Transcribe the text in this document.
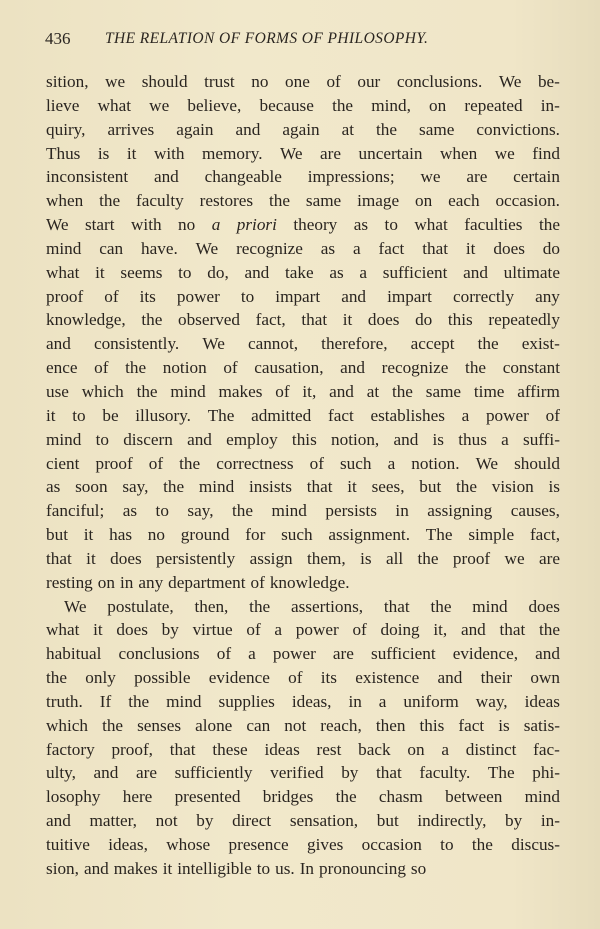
436 THE RELATION OF FORMS OF PHILOSOPHY.
sition, we should trust no one of our conclusions. We be-
lieve what we believe, because the mind, on repeated in-
quiry, arrives again and again at the same convictions.
Thus is it with memory. We are uncertain when we find
inconsistent and changeable impressions; we are certain
when the faculty restores the same image on each occasion.
We start with no a priori theory as to what faculties the
mind can have. We recognize as a fact that it does do
what it seems to do, and take as a sufficient and ultimate
proof of its power to impart and impart correctly any
knowledge, the observed fact, that it does do this repeatedly
and consistently. We cannot, therefore, accept the exist-
ence of the notion of causation, and recognize the constant
use which the mind makes of it, and at the same time affirm
it to be illusory. The admitted fact establishes a power of
mind to discern and employ this notion, and is thus a suffi-
cient proof of the correctness of such a notion. We should
as soon say, the mind insists that it sees, but the vision is
fanciful; as to say, the mind persists in assigning causes,
but it has no ground for such assignment. The simple fact,
that it does persistently assign them, is all the proof we are
resting on in any department of knowledge.
We postulate, then, the assertions, that the mind does
what it does by virtue of a power of doing it, and that the
habitual conclusions of a power are sufficient evidence, and
the only possible evidence of its existence and their own
truth. If the mind supplies ideas, in a uniform way, ideas
which the senses alone can not reach, then this fact is satis-
factory proof, that these ideas rest back on a distinct fac-
ulty, and are sufficiently verified by that faculty. The phi-
losophy here presented bridges the chasm between mind
and matter, not by direct sensation, but indirectly, by in-
tuitive ideas, whose presence gives occasion to the discus-
sion, and makes it intelligible to us. In pronouncing so
